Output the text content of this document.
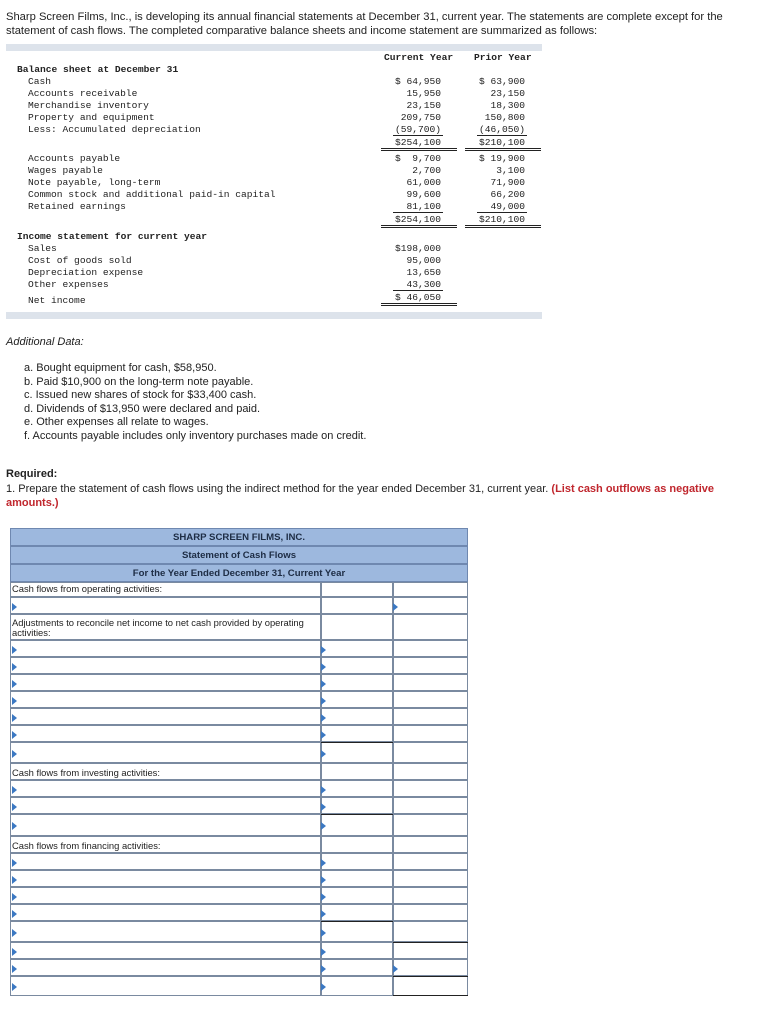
Sharp Screen Films, Inc., is developing its annual financial statements at December 31, current year. The statements are complete except for the statement of cash flows. The completed comparative balance sheets and income statement are summarized as follows:
Current Year Prior Year
Balance sheet at December 31
Cash	$ 64,950	$ 63,900
Accounts receivable	15,950	23,150
Merchandise inventory	23,150	18,300
Property and equipment	209,750	150,800
Less: Accumulated depreciation	(59,700)	(46,050)
$254,100	$210,100
Accounts payable	$  9,700	$ 19,900
Wages payable	2,700	3,100
Note payable, long-term	61,000	71,900
Common stock and additional paid-in capital	99,600	66,200
Retained earnings	81,100	49,000
$254,100	$210,100
Income statement for current year
Sales	$198,000
Cost of goods sold	95,000
Depreciation expense	13,650
Other expenses	43,300
Net income	$ 46,050
Additional Data:
a. Bought equipment for cash, $58,950.
b. Paid $10,900 on the long-term note payable.
c. Issued new shares of stock for $33,400 cash.
d. Dividends of $13,950 were declared and paid.
e. Other expenses all relate to wages.
f. Accounts payable includes only inventory purchases made on credit.
Required:
1. Prepare the statement of cash flows using the indirect method for the year ended December 31, current year. (List cash outflows as negative amounts.)
SHARP SCREEN FILMS, INC.
Statement of Cash Flows
For the Year Ended December 31, Current Year
Cash flows from operating activities:
Adjustments to reconcile net income to net cash provided by operating activities:
Cash flows from investing activities:
Cash flows from financing activities:
